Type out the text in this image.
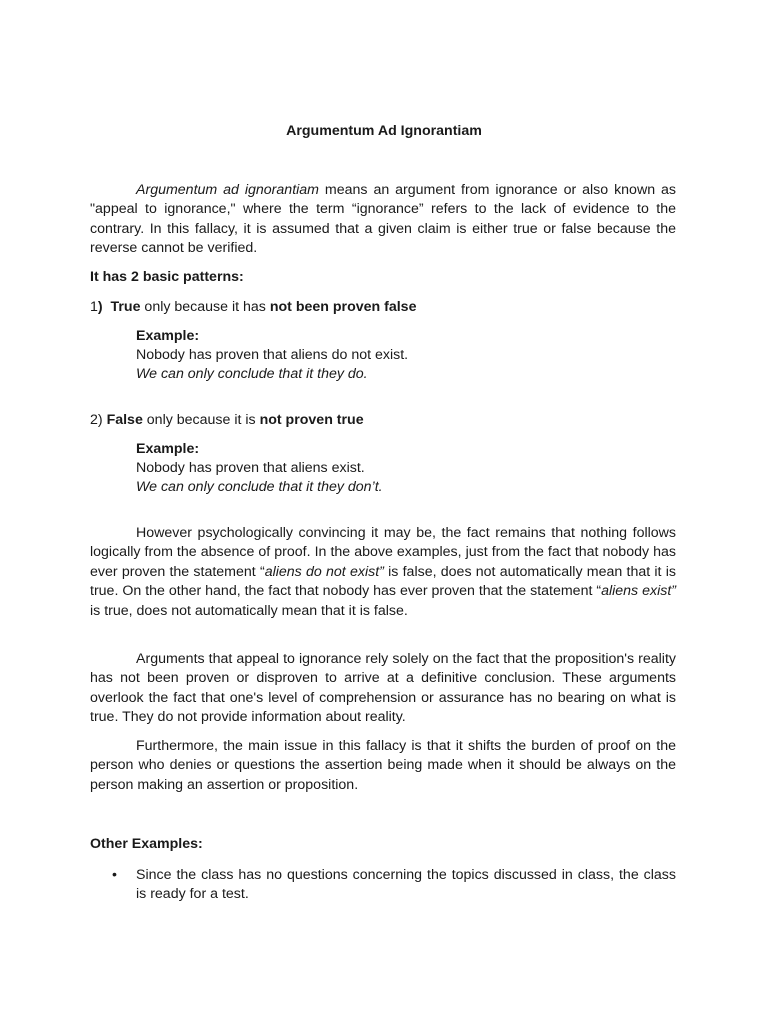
Argumentum Ad Ignorantiam

Argumentum ad ignorantiam means an argument from ignorance or also known as "appeal to ignorance," where the term “ignorance” refers to the lack of evidence to the contrary. In this fallacy, it is assumed that a given claim is either true or false because the reverse cannot be verified.

It has 2 basic patterns:

1) True only because it has not been proven false

Example:
Nobody has proven that aliens do not exist.
We can only conclude that it they do.

2) False only because it is not proven true

Example:
Nobody has proven that aliens exist.
We can only conclude that it they don’t.

However psychologically convincing it may be, the fact remains that nothing follows logically from the absence of proof. In the above examples, just from the fact that nobody has ever proven the statement “aliens do not exist” is false, does not automatically mean that it is true. On the other hand, the fact that nobody has ever proven that the statement “aliens exist” is true, does not automatically mean that it is false.

Arguments that appeal to ignorance rely solely on the fact that the proposition's reality has not been proven or disproven to arrive at a definitive conclusion. These arguments overlook the fact that one's level of comprehension or assurance has no bearing on what is true. They do not provide information about reality.

Furthermore, the main issue in this fallacy is that it shifts the burden of proof on the person who denies or questions the assertion being made when it should be always on the person making an assertion or proposition.

Other Examples:

•	Since the class has no questions concerning the topics discussed in class, the class is ready for a test.
